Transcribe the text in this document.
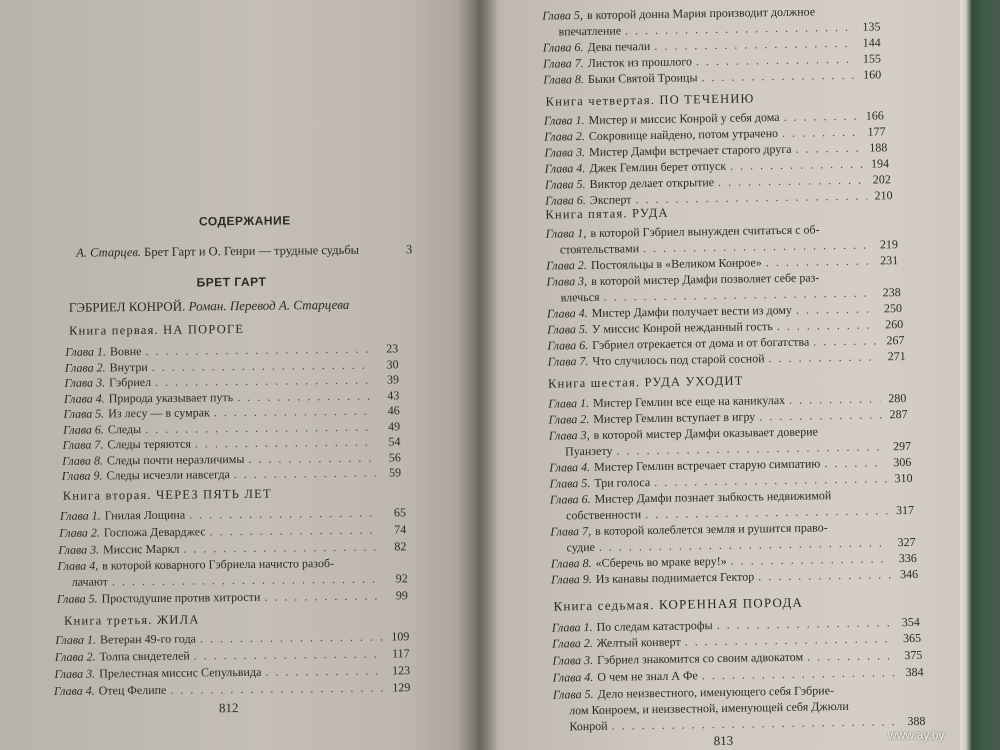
СОДЕРЖАНИЕ
А. Старцев. Брет Гарт и О. Генри — трудные судьбы	3
БРЕТ ГАРТ
ГЭБРИЕЛ КОНРОЙ. Роман. Перевод А. Старцева
Книга первая. НА ПОРОГЕ
Глава 1. Вовне . . .	23
Глава 2. Внутри . . .	30
Глава 3. Гэбриел . . .	39
Глава 4. Природа указывает путь . . .	43
Глава 5. Из лесу — в сумрак . . .	46
Глава 6. Следы . . .	49
Глава 7. Следы теряются . . .	54
Глава 8. Следы почти неразличимы . . .	56
Глава 9. Следы исчезли навсегда . . .	59
Книга вторая. ЧЕРЕЗ ПЯТЬ ЛЕТ
Глава 1. Гнилая Лощина . . .	65
Глава 2. Госпожа Деварджес . . .	74
Глава 3. Миссис Маркл . . .	82
Глава 4, в которой коварного Гэбриела начисто разоб-
лачают . . .	92
Глава 5. Простодушие против хитрости . . .	99
Книга третья. ЖИЛА
Глава 1. Ветеран 49-го года . . .	109
Глава 2. Толпа свидетелей . . .	117
Глава 3. Прелестная миссис Сепульвида . . .	123
Глава 4. Отец Фелипе . . .	129
812
Глава 5, в которой донна Мария производит должное
впечатление . . .	135
Глава 6. Дева печали . . .	144
Глава 7. Листок из прошлого . . .	155
Глава 8. Быки Святой Троицы . . .	160
Книга четвертая. ПО ТЕЧЕНИЮ
Глава 1. Мистер и миссис Конрой у себя дома . . .	166
Глава 2. Сокровище найдено, потом утрачено . . .	177
Глава 3. Мистер Дамфи встречает старого друга . . .	188
Глава 4. Джек Гемлин берет отпуск . . .	194
Глава 5. Виктор делает открытие . . .	202
Глава 6. Эксперт . . .	210
Книга пятая. РУДА
Глава 1, в которой Гэбриел вынужден считаться с об-
стоятельствами . . .	219
Глава 2. Постояльцы в «Великом Конрое» . . .	231
Глава 3, в которой мистер Дамфи позволяет себе раз-
влечься . . .	238
Глава 4. Мистер Дамфи получает вести из дому . . .	250
Глава 5. У миссис Конрой нежданный гость . . .	260
Глава 6. Гэбриел отрекается от дома и от богатства . . .	267
Глава 7. Что случилось под старой сосной . . .	271
Книга шестая. РУДА УХОДИТ
Глава 1. Мистер Гемлин все еще на каникулах . . .	280
Глава 2. Мистер Гемлин вступает в игру . . .	287
Глава 3, в которой мистер Дамфи оказывает доверие
Пуанзету . . .	297
Глава 4. Мистер Гемлин встречает старую симпатию . . .	306
Глава 5. Три голоса . . .	310
Глава 6. Мистер Дамфи познает зыбкость недвижимой
собственности . . .	317
Глава 7, в которой колеблется земля и рушится право-
судие . . .	327
Глава 8. «Сберечь во мраке веру!» . . .	336
Глава 9. Из канавы поднимается Гектор . . .	346
Книга седьмая. КОРЕННАЯ ПОРОДА
Глава 1. По следам катастрофы . . .	354
Глава 2. Желтый конверт . . .	365
Глава 3. Гэбриел знакомится со своим адвокатом . . .	375
Глава 4. О чем не знал А Фе . . .	384
Глава 5. Дело неизвестного, именующего себя Гэбриe-
лом Конроем, и неизвестной, именующей себя Джюли
Конрой . . .	388
813	www.ay.by
